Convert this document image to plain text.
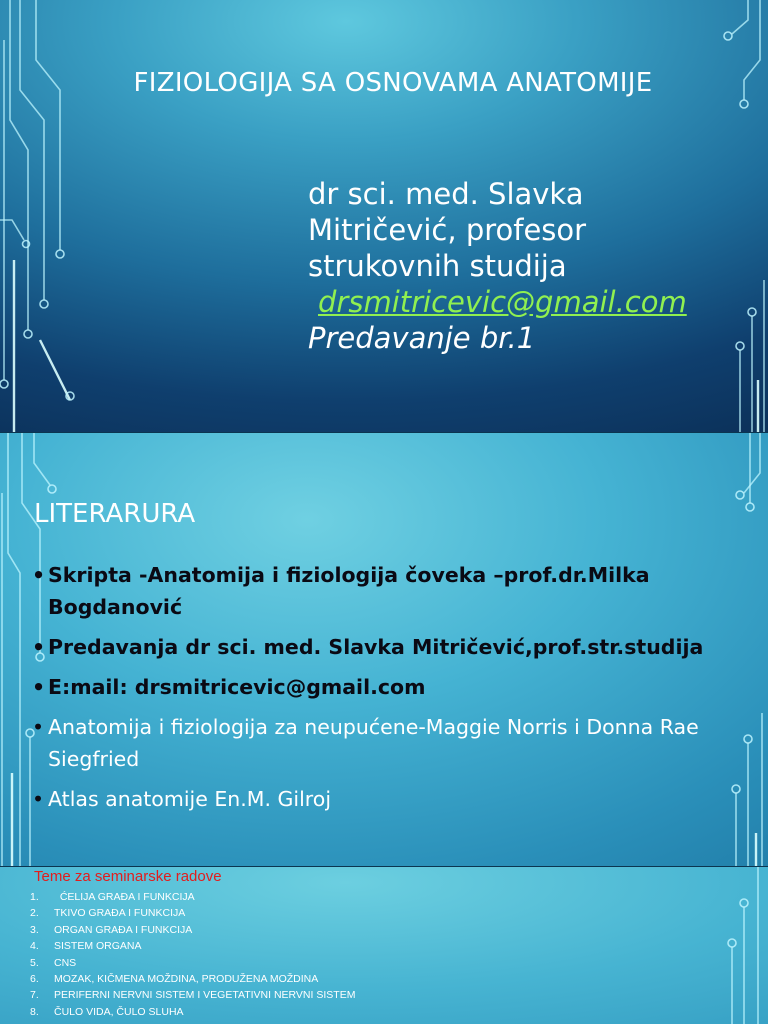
FIZIOLOGIJA SA OSNOVAMA ANATOMIJE
dr sci. med. Slavka
Mitričević, profesor
strukovnih studija
drsmitricevic@gmail.com
Predavanje br.1
LITERARURA
• Skripta -Anatomija i fiziologija čoveka –prof.dr.Milka Bogdanović
• Predavanja dr sci. med. Slavka Mitričević,prof.str.studija
• E:mail: drsmitricevic@gmail.com
• Anatomija i fiziologija za neupućene-Maggie Norris i Donna Rae Siegfried
• Atlas anatomije En.M. Gilroj
Teme za seminarske radove
1.  ĆELIJA GRAĐA I FUNKCIJA
2. TKIVO GRAĐA I FUNKCIJA
3. ORGAN GRAĐA I FUNKCIJA
4. SISTEM ORGANA
5. CNS
6. MOZAK, KIČMENA MOŽDINA, PRODUŽENA MOŽDINA
7. PERIFERNI NERVNI SISTEM I VEGETATIVNI NERVNI SISTEM
8. ČULO VIDA, ČULO SLUHA
